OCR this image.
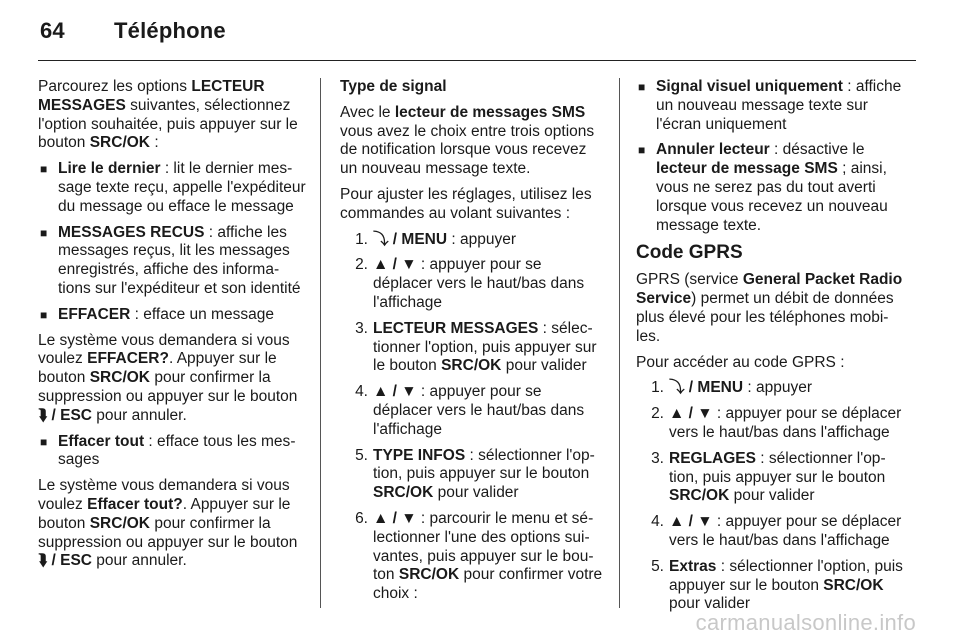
64 Téléphone

Parcourez les options LECTEUR MESSAGES suivantes, sélectionnez l'option souhaitée, puis appuyer sur le bouton SRC/OK :

■ Lire le dernier : lit le dernier message texte reçu, appelle l'expéditeur du message ou efface le message
■ MESSAGES RECUS : affiche les messages reçus, lit les messages enregistrés, affiche des informations sur l'expéditeur et son identité
■ EFFACER : efface un message

Le système vous demandera si vous voulez EFFACER?. Appuyer sur le bouton SRC/OK pour confirmer la suppression ou appuyer sur le bouton ⮯ / ESC pour annuler.

■ Effacer tout : efface tous les messages

Le système vous demandera si vous voulez Effacer tout?. Appuyer sur le bouton SRC/OK pour confirmer la suppression ou appuyer sur le bouton ⮯ / ESC pour annuler.

Type de signal

Avec le lecteur de messages SMS vous avez le choix entre trois options de notification lorsque vous recevez un nouveau message texte.

Pour ajuster les réglages, utilisez les commandes au volant suivantes :

1. ⤵ / MENU : appuyer
2. ▲ / ▼ : appuyer pour se déplacer vers le haut/bas dans l'affichage
3. LECTEUR MESSAGES : sélectionner l'option, puis appuyer sur le bouton SRC/OK pour valider
4. ▲ / ▼ : appuyer pour se déplacer vers le haut/bas dans l'affichage
5. TYPE INFOS : sélectionner l'option, puis appuyer sur le bouton SRC/OK pour valider
6. ▲ / ▼ : parcourir le menu et sélectionner l'une des options suivantes, puis appuyer sur le bouton SRC/OK pour confirmer votre choix :
■ Signal visuel uniquement : affiche un nouveau message texte sur l'écran uniquement
■ Annuler lecteur : désactive le lecteur de message SMS ; ainsi, vous ne serez pas du tout averti lorsque vous recevez un nouveau message texte.

Code GPRS

GPRS (service General Packet Radio Service) permet un débit de données plus élevé pour les téléphones mobiles.

Pour accéder au code GPRS :

1. ⤵ / MENU : appuyer
2. ▲ / ▼ : appuyer pour se déplacer vers le haut/bas dans l'affichage
3. REGLAGES : sélectionner l'option, puis appuyer sur le bouton SRC/OK pour valider
4. ▲ / ▼ : appuyer pour se déplacer vers le haut/bas dans l'affichage
5. Extras : sélectionner l'option, puis appuyer sur le bouton SRC/OK pour valider
carmanualsonline.info
